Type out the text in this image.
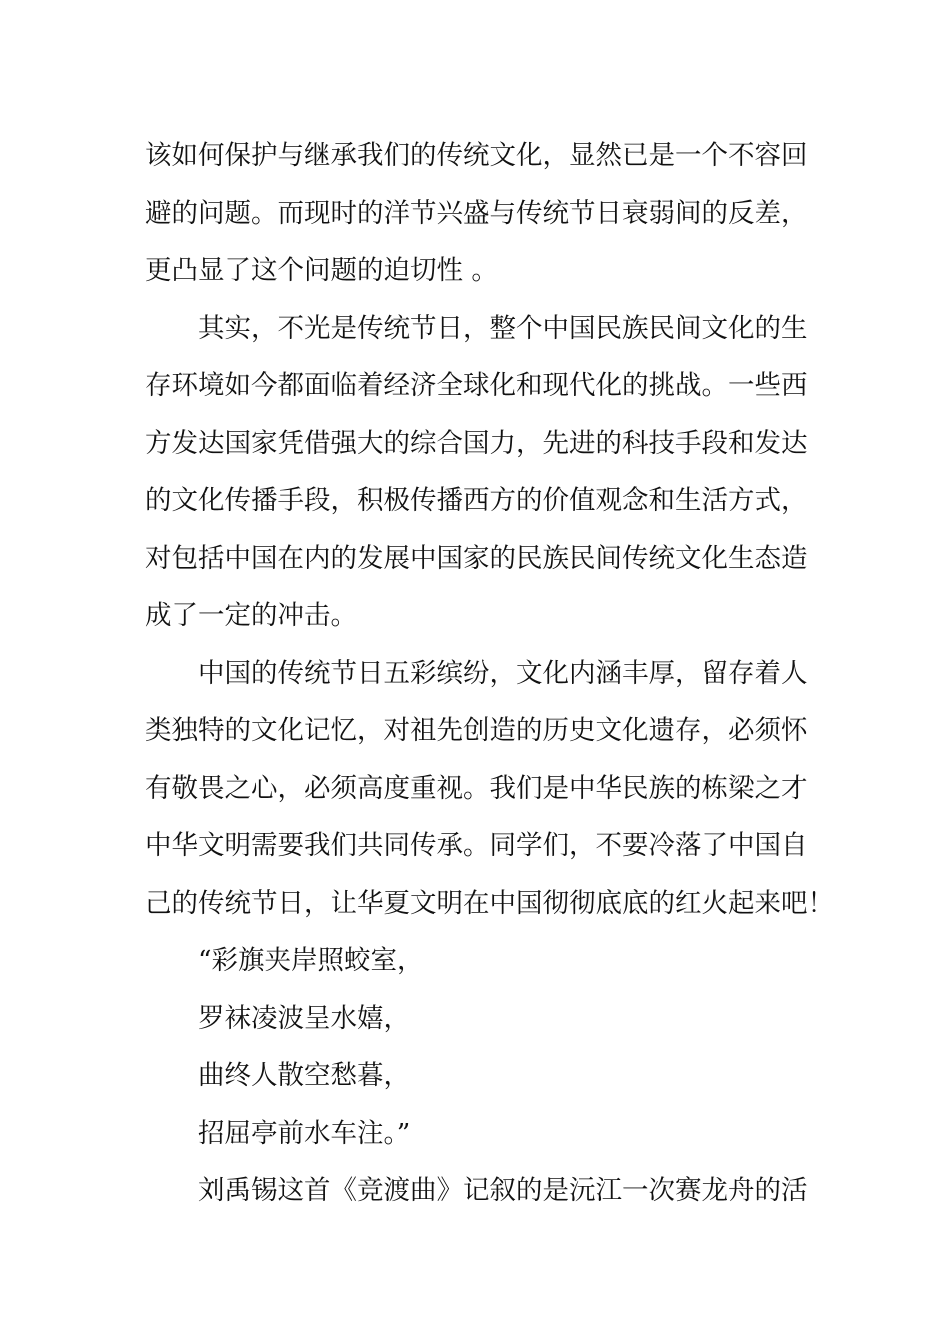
该如何保护与继承我们的传统文化，显然已是一个不容回
避的问题。而现时的洋节兴盛与传统节日衰弱间的反差，
更凸显了这个问题的迫切性 。
其实，不光是传统节日，整个中国民族民间文化的生
存环境如今都面临着经济全球化和现代化的挑战。一些西
方发达国家凭借强大的综合国力，先进的科技手段和发达
的文化传播手段，积极传播西方的价值观念和生活方式，
对包括中国在内的发展中国家的民族民间传统文化生态造
成了一定的冲击。
中国的传统节日五彩缤纷，文化内涵丰厚，留存着人
类独特的文化记忆，对祖先创造的历史文化遗存，必须怀
有敬畏之心，必须高度重视。我们是中华民族的栋梁之才
中华文明需要我们共同传承。同学们，不要冷落了中国自
己的传统节日，让华夏文明在中国彻彻底底的红火起来吧！
“彩旗夹岸照蛟室，
罗袜凌波呈水嬉，
曲终人散空愁暮，
招屈亭前水车注。”
刘禹锡这首《竞渡曲》记叙的是沅江一次赛龙舟的活
